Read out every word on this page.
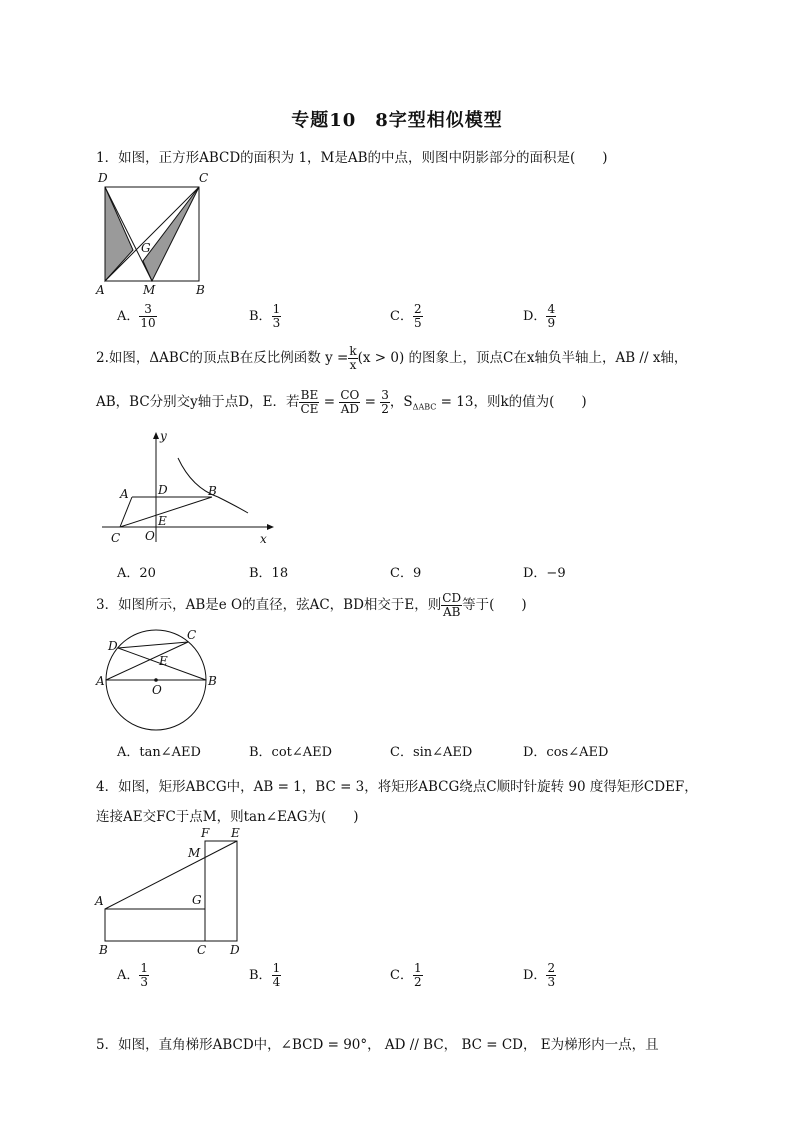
专题10　8字型相似模型
1．如图，正方形ABCD的面积为 1，M是AB的中点，则图中阴影部分的面积是(　　)
D	C
A	B
M
G
A． $\frac{3}{10}$	B． $\frac{1}{3}$	C． $\frac{2}{5}$	D． $\frac{4}{9}$
2.如图，ΔABC的顶点B在反比例函数 $y = \frac{k}{x} (x > 0)$ 的图象上，顶点C在x轴负半轴上，AB // x轴，
AB，BC分别交y轴于点D，E．若 $\frac{BE}{CE} = \frac{CO}{AD} = \frac{3}{2}$ ，$S_{\Delta ABC} = 13$，则k的值为(　　)
y
x
A	B
C
D
E
O
A．20	B．18	C．9	D．−9
3．如图所示，AB是e O的直径，弦AC，BD相交于E，则 $\frac{CD}{AB}$ 等于(　　)
A	B
C
D
E
O
A．tan∠AED	B．cot∠AED	C．sin∠AED	D．cos∠AED
4．如图，矩形ABCG中，AB = 1，BC = 3，将矩形ABCG绕点C顺时针旋转 90 度得矩形CDEF，
连接AE交FC于点M，则tan∠EAG为(　　)
A
B	C D
E
F
G
M
A． $\frac{1}{3}$	B． $\frac{1}{4}$	C． $\frac{1}{2}$	D． $\frac{2}{3}$
5．如图，直角梯形ABCD中，∠BCD = 90°， AD // BC， BC = CD， E为梯形内一点，且
